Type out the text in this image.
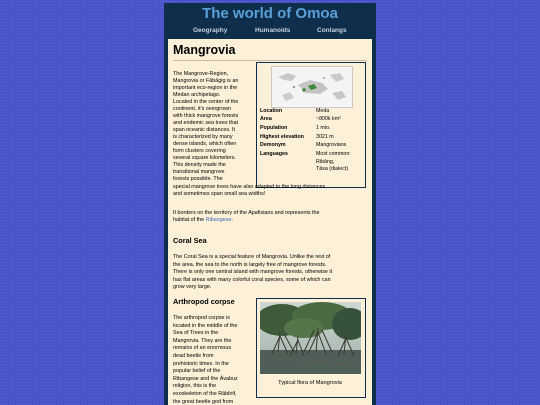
The world of Omoa
Geography	Humanoids	Conlangs
Mangrovia
The Mangrove-Region,
Mangrovia or Fābāgig is an
important eco-region in the
Medan archipelago.
Located in the center of the
continent, it's overgrown
with thick mangrove forests
and endemic sea trees that
span oceanic distances. It
is characterized by many
dense islands, which often
form clusters covering
several square kilometers.
This density made the
transitional mangrove
forests possible. The
Location	Meda
Area	~800k km²
Population	1 mio.
Highest elevation 3021 m
Demonym	Mangrovians
Languages	Most common:
Ribāng,
Tāsa (dialect)
special mangrove trees have also adapted to the long distances
and sometimes span small sea widths!

It borders on the territory of the Apafisians and represents the
habitat of the Ribangese.

Coral Sea
The Coral Sea is a special feature of Mangrovia. Unlike the rest of
the area, the sea to the north is largely free of mangrove forests.
There is only one central island with mangrove forests, otherwise it
has flat areas with many colorful coral species, some of which can
grow very large.
Arthropod corpse
The arthropod corpse is
located in the middle of the
Sea of Trees in the
Mangrovia. They are the
remains of an enormous
dead beetle from
prehistoric times. In the
popular belief of the
Ribangese and the Āvabuz
religion, this is the
exoskeleton of the Rāblirif,
the great beetle god from
Typical flora of Mangrovia
